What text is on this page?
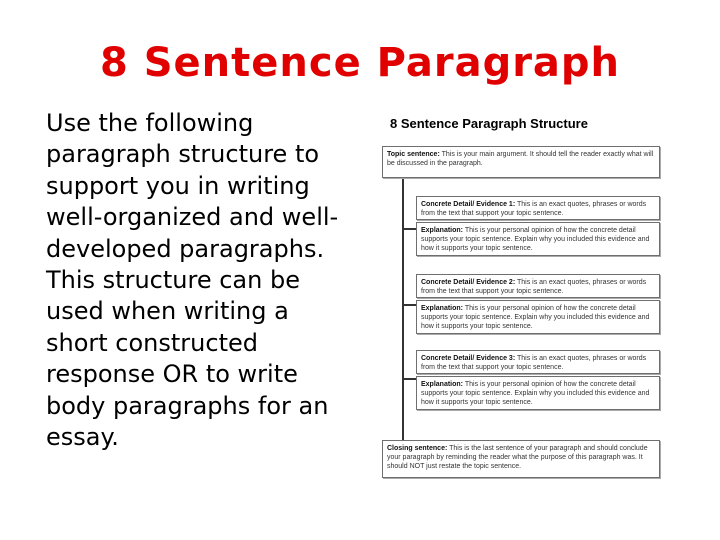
8 Sentence Paragraph
Use the following paragraph structure to support you in writing well-organized and well-developed paragraphs. This structure can be used when writing a short constructed response OR to write body paragraphs for an essay.
8 Sentence Paragraph Structure
Topic sentence: This is your main argument. It should tell the reader exactly what will be discussed in the paragraph.
Concrete Detail/ Evidence 1: This is an exact quotes, phrases or words from the text that support your topic sentence.
Explanation: This is your personal opinion of how the concrete detail supports your topic sentence. Explain why you included this evidence and how it supports your topic sentence.
Concrete Detail/ Evidence 2: This is an exact quotes, phrases or words from the text that support your topic sentence.
Explanation: This is your personal opinion of how the concrete detail supports your topic sentence. Explain why you included this evidence and how it supports your topic sentence.
Concrete Detail/ Evidence 3: This is an exact quotes, phrases or words from the text that support your topic sentence.
Explanation: This is your personal opinion of how the concrete detail supports your topic sentence. Explain why you included this evidence and how it supports your topic sentence.
Closing sentence: This is the last sentence of your paragraph and should conclude your paragraph by reminding the reader what the purpose of this paragraph was. It should NOT just restate the topic sentence.
